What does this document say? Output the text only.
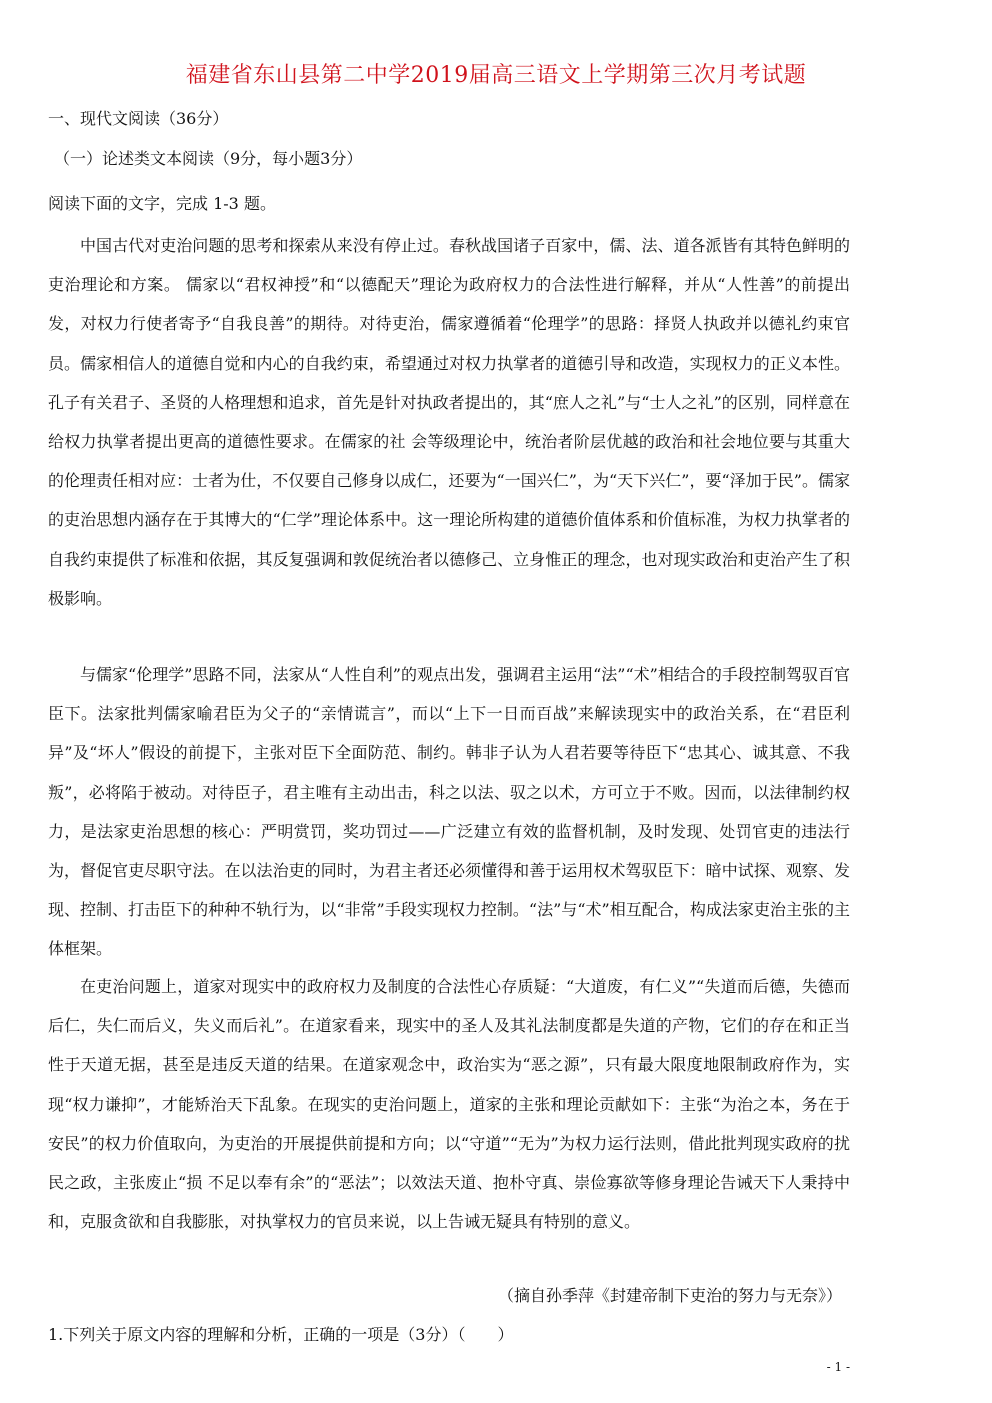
福建省东山县第二中学2019届高三语文上学期第三次月考试题
一、现代文阅读（36分）
（一）论述类文本阅读（9分，每小题3分）
阅读下面的文字，完成 1-3 题。

中国古代对吏治问题的思考和探索从来没有停止过。春秋战国诸子百家中，儒、法、道各派皆有其特色鲜明的吏治理论和方案。 儒家以“君权神授”和“以德配天”理论为政府权力的合法性进行解释，并从“人性善”的前提出发，对权力行使者寄予“自我良善”的期待。对待吏治，儒家遵循着“伦理学”的思路：择贤人执政并以德礼约束官员。儒家相信人的道德自觉和内心的自我约束，希望通过对权力执掌者的道德引导和改造，实现权力的正义本性。孔子有关君子、圣贤的人格理想和追求，首先是针对执政者提出的，其“庶人之礼”与“士人之礼”的区别，同样意在给权力执掌者提出更高的道德性要求。在儒家的社 会等级理论中，统治者阶层优越的政治和社会地位要与其重大的伦理责任相对应：士者为仕，不仅要自己修身以成仁，还要为“一国兴仁”，为“天下兴仁”，要“泽加于民”。儒家的吏治思想内涵存在于其博大的“仁学”理论体系中。这一理论所构建的道德价值体系和价值标准，为权力执掌者的自我约束提供了标准和依据，其反复强调和敦促统治者以德修己、立身惟正的理念，也对现实政治和吏治产生了积极影响。

与儒家“伦理学”思路不同，法家从“人性自利”的观点出发，强调君主运用“法”“术”相结合的手段控制驾驭百官臣下。法家批判儒家喻君臣为父子的“亲情谎言”，而以“上下一日而百战”来解读现实中的政治关系，在“君臣利异”及“坏人”假设的前提下，主张对臣下全面防范、制约。韩非子认为人君若要等待臣下“忠其心、诚其意、不我叛”，必将陷于被动。对待臣子，君主唯有主动出击，科之以法、驭之以术，方可立于不败。因而，以法律制约权力，是法家吏治思想的核心：严明赏罚，奖功罚过——广泛建立有效的监督机制，及时发现、处罚官吏的违法行为，督促官吏尽职守法。在以法治吏的同时，为君主者还必须懂得和善于运用权术驾驭臣下：暗中试探、观察、发现、控制、打击臣下的种种不轨行为，以“非常”手段实现权力控制。“法”与“术”相互配合，构成法家吏治主张的主体框架。

在吏治问题上，道家对现实中的政府权力及制度的合法性心存质疑：“大道废，有仁义”“失道而后德，失德而后仁，失仁而后义，失义而后礼”。在道家看来，现实中的圣人及其礼法制度都是失道的产物，它们的存在和正当性于天道无据，甚至是违反天道的结果。在道家观念中，政治实为“恶之源”，只有最大限度地限制政府作为，实现“权力谦抑”，才能矫治天下乱象。在现实的吏治问题上，道家的主张和理论贡献如下：主张“为治之本，务在于安民”的权力价值取向，为吏治的开展提供前提和方向；以“守道”“无为”为权力运行法则，借此批判现实政府的扰民之政，主张废止“损 不足以奉有余”的“恶法”；以效法天道、抱朴守真、崇俭寡欲等修身理论告诫天下人秉持中和，克服贪欲和自我膨胀，对执掌权力的官员来说，以上告诫无疑具有特别的意义。

（摘自孙季萍《封建帝制下吏治的努力与无奈》）
1.下列关于原文内容的理解和分析，正确的一项是（3分）（　　）
- 1 -
